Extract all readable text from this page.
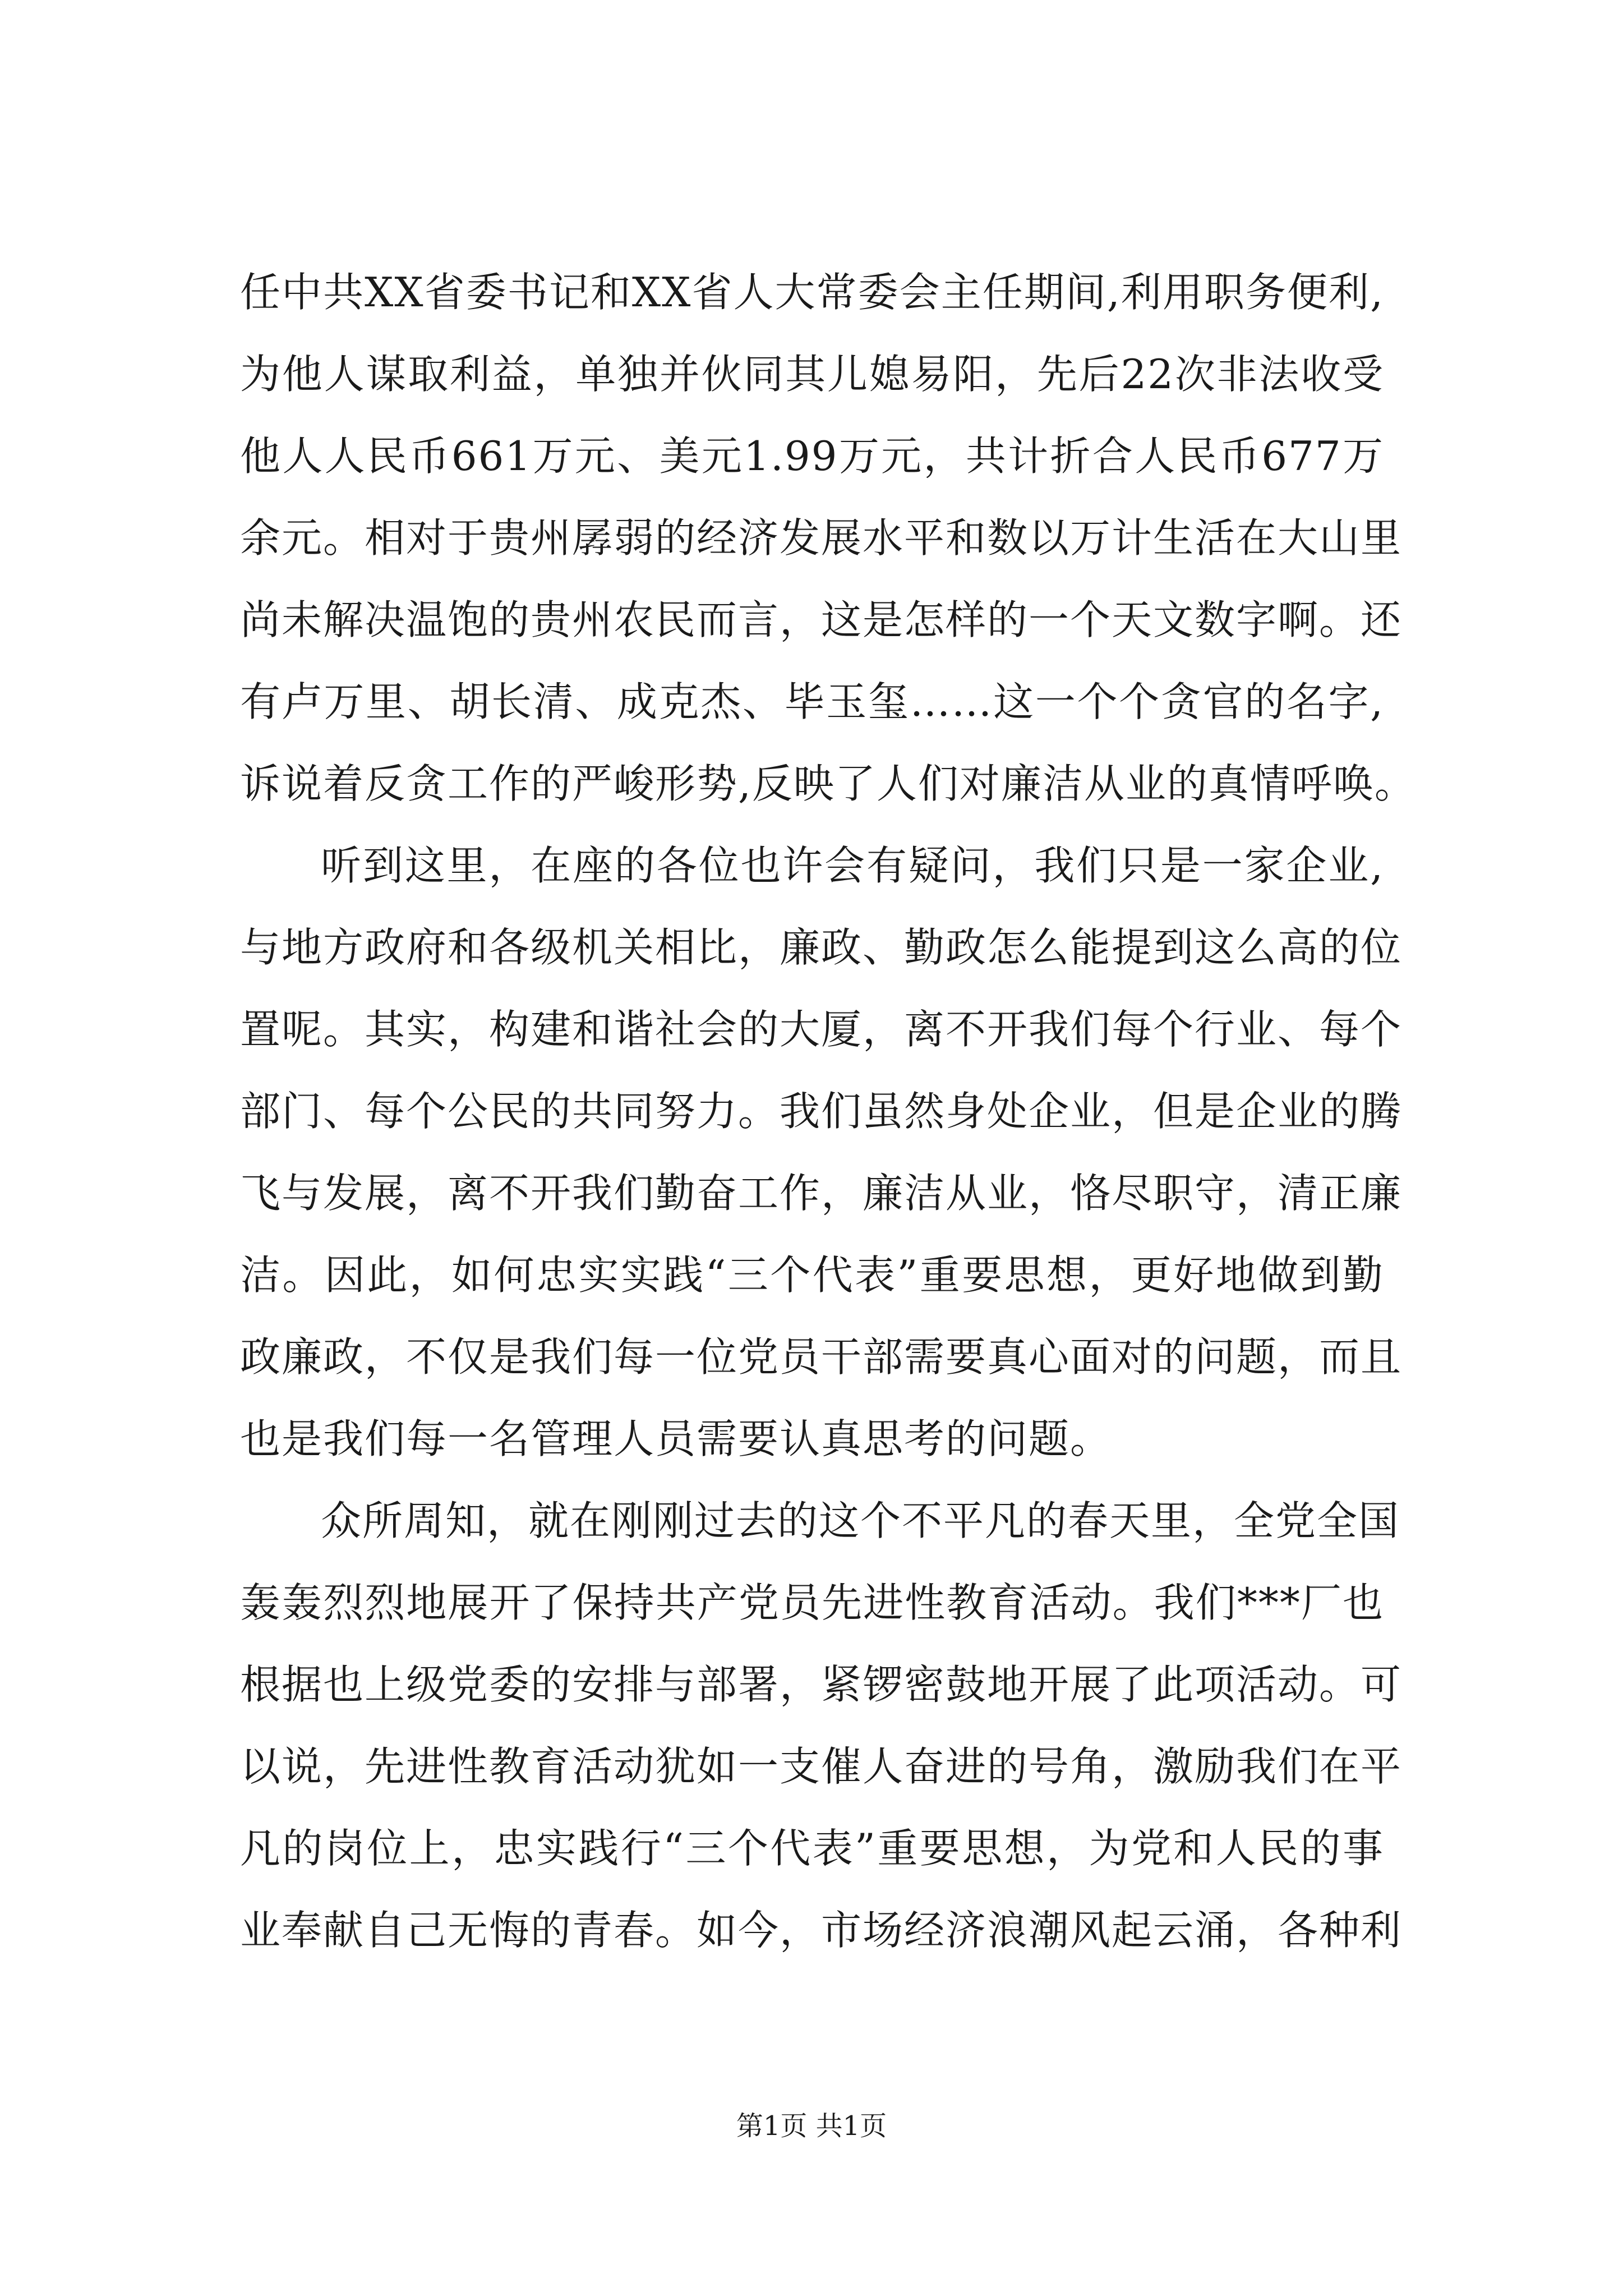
任中共XX省委书记和XX省人大常委会主任期间,利用职务便利,
为他人谋取利益，单独并伙同其儿媳易阳，先后22次非法收受
他人人民币661万元、美元1.99万元，共计折合人民币677万
余元。相对于贵州孱弱的经济发展水平和数以万计生活在大山里
尚未解决温饱的贵州农民而言，这是怎样的一个天文数字啊。还
有卢万里、胡长清、成克杰、毕玉玺……这一个个贪官的名字,
诉说着反贪工作的严峻形势,反映了人们对廉洁从业的真情呼唤。
听到这里，在座的各位也许会有疑问，我们只是一家企业,
与地方政府和各级机关相比，廉政、勤政怎么能提到这么高的位
置呢。其实，构建和谐社会的大厦，离不开我们每个行业、每个
部门、每个公民的共同努力。我们虽然身处企业，但是企业的腾
飞与发展，离不开我们勤奋工作，廉洁从业，恪尽职守，清正廉
洁。因此，如何忠实实践“三个代表”重要思想，更好地做到勤
政廉政，不仅是我们每一位党员干部需要真心面对的问题，而且
也是我们每一名管理人员需要认真思考的问题。
众所周知，就在刚刚过去的这个不平凡的春天里，全党全国
轰轰烈烈地展开了保持共产党员先进性教育活动。我们***厂也
根据也上级党委的安排与部署，紧锣密鼓地开展了此项活动。可
以说，先进性教育活动犹如一支催人奋进的号角，激励我们在平
凡的岗位上，忠实践行“三个代表”重要思想，为党和人民的事
业奉献自己无悔的青春。如今，市场经济浪潮风起云涌，各种利
第1页 共1页
